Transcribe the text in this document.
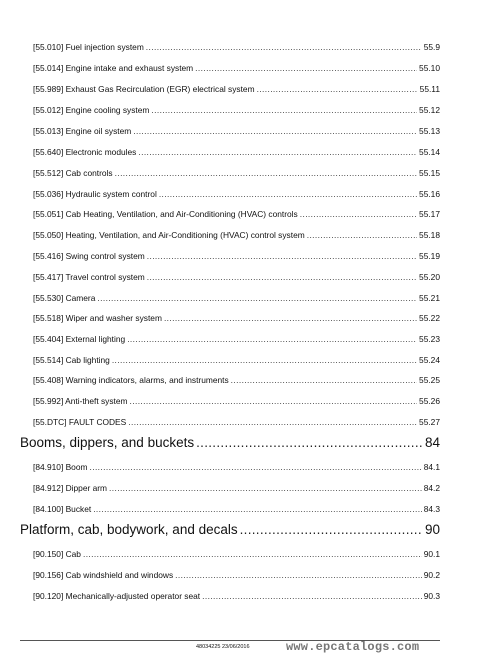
[55.010] Fuel injection system .....	55.9
[55.014] Engine intake and exhaust system .....	55.10
[55.989] Exhaust Gas Recirculation (EGR) electrical system .....	55.11
[55.012] Engine cooling system .....	55.12
[55.013] Engine oil system .....	55.13
[55.640] Electronic modules .....	55.14
[55.512] Cab controls .....	55.15
[55.036] Hydraulic system control .....	55.16
[55.051] Cab Heating, Ventilation, and Air-Conditioning (HVAC) controls .....	55.17
[55.050] Heating, Ventilation, and Air-Conditioning (HVAC) control system .....	55.18
[55.416] Swing control system .....	55.19
[55.417] Travel control system .....	55.20
[55.530] Camera .....	55.21
[55.518] Wiper and washer system .....	55.22
[55.404] External lighting .....	55.23
[55.514] Cab lighting .....	55.24
[55.408] Warning indicators, alarms, and instruments .....	55.25
[55.992] Anti-theft system .....	55.26
[55.DTC] FAULT CODES .....	55.27
Booms, dippers, and buckets .....	84
[84.910] Boom .....	84.1
[84.912] Dipper arm .....	84.2
[84.100] Bucket .....	84.3
Platform, cab, bodywork, and decals .....	90
[90.150] Cab .....	90.1
[90.156] Cab windshield and windows .....	90.2
[90.120] Mechanically-adjusted operator seat .....	90.3
48034225 23/06/2016	www.epcatalogs.com
